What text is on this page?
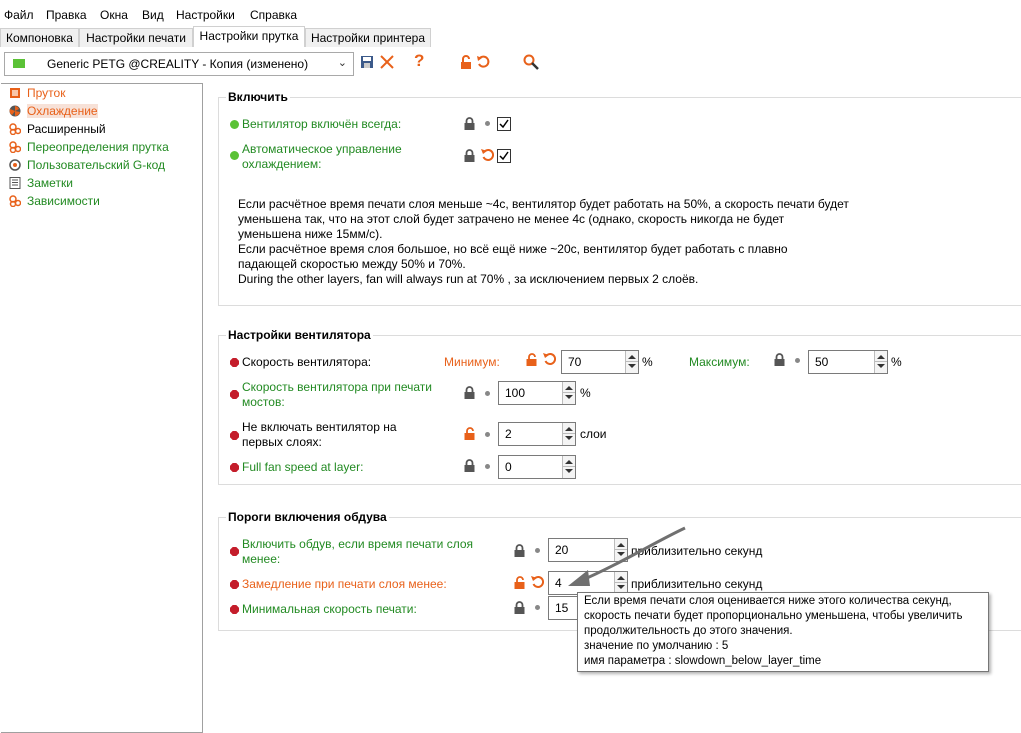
Файл Правка Окна Вид Настройки Справка
Компоновка	Настройки печати	Настройки прутка	Настройки принтера
Generic PETG @CREALITY - Копия (изменено)	⌄	?
Пруток
Охлаждение
Расширенный
Переопределения прутка
Пользовательский G-код
Заметки
Зависимости
Включить
Вентилятор включён всегда:
Автоматическое управление
охлаждением:
Если расчётное время печати слоя меньше ~4с, вентилятор будет работать на 50%, а скорость печати будет
уменьшена так, что на этот слой будет затрачено не менее 4с (однако, скорость никогда не будет
уменьшена ниже 15мм/с).
Если расчётное время слоя большое, но всё ещё ниже ~20с, вентилятор будет работать с плавно
падающей скоростью между 50% и 70%.
During the other layers, fan will always run at 70% , за исключением первых 2 слоёв.
Настройки вентилятора
Скорость вентилятора:	Минимум:	70	%	Максимум:	50	%
Скорость вентилятора при печати
мостов:
100	%
Не включать вентилятор на
первых слоях:
2	слои
Full fan speed at layer:	0
Пороги включения обдува
Включить обдув, если время печати слоя
менее:
20	приблизительно секунд
Замедление при печати слоя менее:	4	приблизительно секунд
Минимальная скорость печати:	15 Если время печати слоя оценивается ниже этого количества секунд,
скорость печати будет пропорционально уменьшена, чтобы увеличить
продолжительность до этого значения.
значение по умолчанию : 5
имя параметра : slowdown_below_layer_time
